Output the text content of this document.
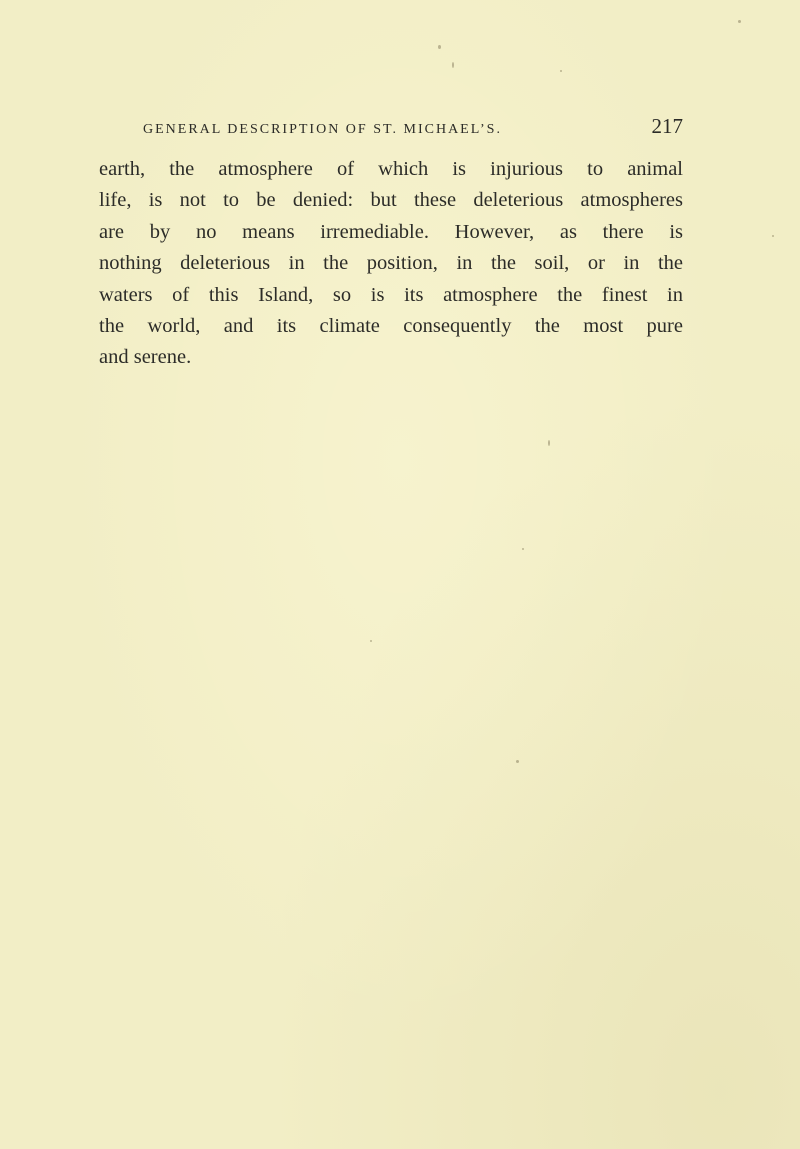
GENERAL DESCRIPTION OF ST. MICHAEL’S.	217
earth, the atmosphere of which is injurious to animal
life, is not to be denied: but these deleterious atmospheres
are by no means irremediable. However, as there is
nothing deleterious in the position, in the soil, or in the
waters of this Island, so is its atmosphere the finest in
the world, and its climate consequently the most pure
and serene.
